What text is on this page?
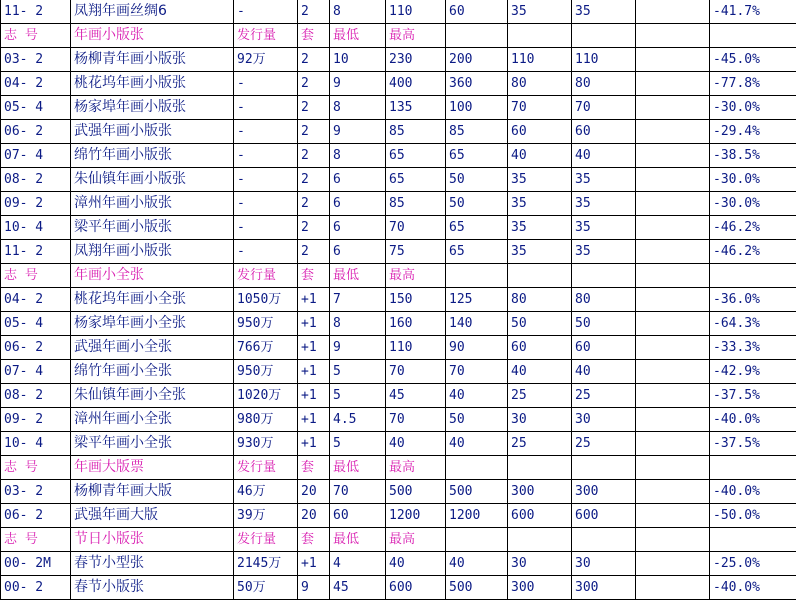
11- 2	凤翔年画丝绸6	-	2	8	110	60	35	35		-41.7%
志 号	年画小版张	发行量	套	最低	最高					
03- 2	杨柳青年画小版张	92万	2	10	230	200	110	110		-45.0%
04- 2	桃花坞年画小版张	-	2	9	400	360	80	80		-77.8%
05- 4	杨家埠年画小版张	-	2	8	135	100	70	70		-30.0%
06- 2	武强年画小版张	-	2	9	85	85	60	60		-29.4%
07- 4	绵竹年画小版张	-	2	8	65	65	40	40		-38.5%
08- 2	朱仙镇年画小版张	-	2	6	65	50	35	35		-30.0%
09- 2	漳州年画小版张	-	2	6	85	50	35	35		-30.0%
10- 4	梁平年画小版张	-	2	6	70	65	35	35		-46.2%
11- 2	凤翔年画小版张	-	2	6	75	65	35	35		-46.2%
志 号	年画小全张	发行量	套	最低	最高					
04- 2	桃花坞年画小全张	1050万	+1	7	150	125	80	80		-36.0%
05- 4	杨家埠年画小全张	950万	+1	8	160	140	50	50		-64.3%
06- 2	武强年画小全张	766万	+1	9	110	90	60	60		-33.3%
07- 4	绵竹年画小全张	950万	+1	5	70	70	40	40		-42.9%
08- 2	朱仙镇年画小全张	1020万	+1	5	45	40	25	25		-37.5%
09- 2	漳州年画小全张	980万	+1	4.5	70	50	30	30		-40.0%
10- 4	梁平年画小全张	930万	+1	5	40	40	25	25		-37.5%
志 号	年画大版票	发行量	套	最低	最高					
03- 2	杨柳青年画大版	46万	20	70	500	500	300	300		-40.0%
06- 2	武强年画大版	39万	20	60	1200	1200	600	600		-50.0%
志 号	节日小版张	发行量	套	最低	最高					
00- 2M	春节小型张	2145万	+1	4	40	40	30	30		-25.0%
00- 2	春节小版张	50万	9	45	600	500	300	300		-40.0%
